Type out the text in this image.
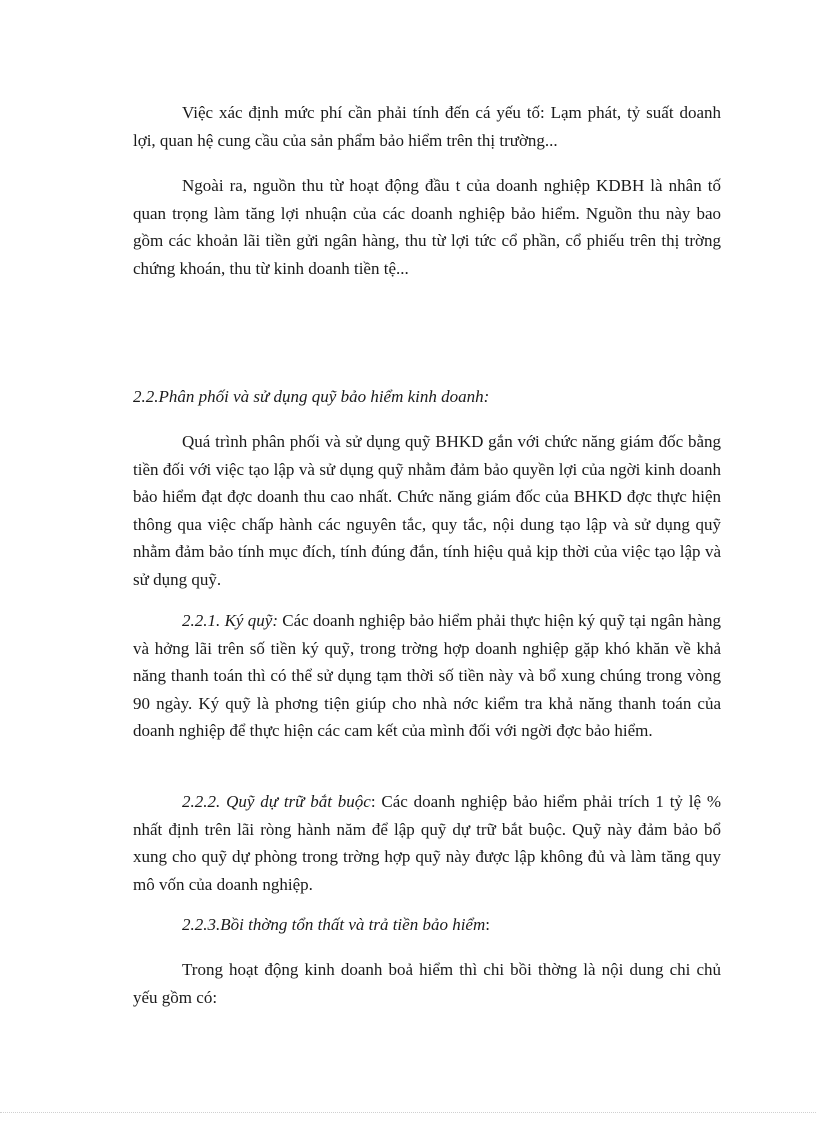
Việc xác định mức phí cần phải tính đến cá yếu tố: Lạm phát, tỷ suất doanh lợi, quan hệ cung cầu của sản phẩm bảo hiểm trên thị trường...

Ngoài ra, nguồn thu từ hoạt động đầu t của doanh nghiệp KDBH là nhân tố quan trọng làm tăng lợi nhuận của các doanh nghiệp bảo hiểm. Nguồn thu này bao gồm các khoản lãi tiền gửi ngân hàng, thu từ lợi tức cổ phần, cổ phiếu trên thị trờng chứng khoán, thu từ kinh doanh tiền tệ...

2.2.Phân phối và sử dụng quỹ bảo hiểm kinh doanh:

Quá trình phân phối và sử dụng quỹ BHKD gắn với chức năng giám đốc bằng tiền đối với việc tạo lập và sử dụng quỹ nhằm đảm bảo quyền lợi của ngời kinh doanh bảo hiểm đạt đợc doanh thu cao nhất. Chức năng giám đốc của BHKD đợc thực hiện thông qua việc chấp hành các nguyên tắc, quy tắc, nội dung tạo lập và sử dụng quỹ nhằm đảm bảo tính mục đích, tính đúng đắn, tính hiệu quả kịp thời của việc tạo lập và sử dụng quỹ.

2.2.1. Ký quỹ: Các doanh nghiệp bảo hiểm phải thực hiện ký quỹ tại ngân hàng và hởng lãi trên số tiền ký quỹ, trong trờng hợp doanh nghiệp gặp khó khăn về khả năng thanh toán thì có thể sử dụng tạm thời số tiền này và bổ xung chúng trong vòng 90 ngày. Ký quỹ là phơng tiện giúp cho nhà nớc kiểm tra khả năng thanh toán của doanh nghiệp để thực hiện các cam kết của mình đối với ngời đợc bảo hiểm.

2.2.2. Quỹ dự trữ bắt buộc: Các doanh nghiệp bảo hiểm phải trích 1 tỷ lệ % nhất định trên lãi ròng hành năm để lập quỹ dự trữ bắt buộc. Quỹ này đảm bảo bổ xung cho quỹ dự phòng trong trờng hợp quỹ này được lập không đủ và làm tăng quy mô vốn của doanh nghiệp.

2.2.3.Bồi thờng tổn thất và trả tiền bảo hiểm:

Trong hoạt động kinh doanh boả hiểm thì chi bồi thờng là nội dung chi chủ yếu gồm có:
